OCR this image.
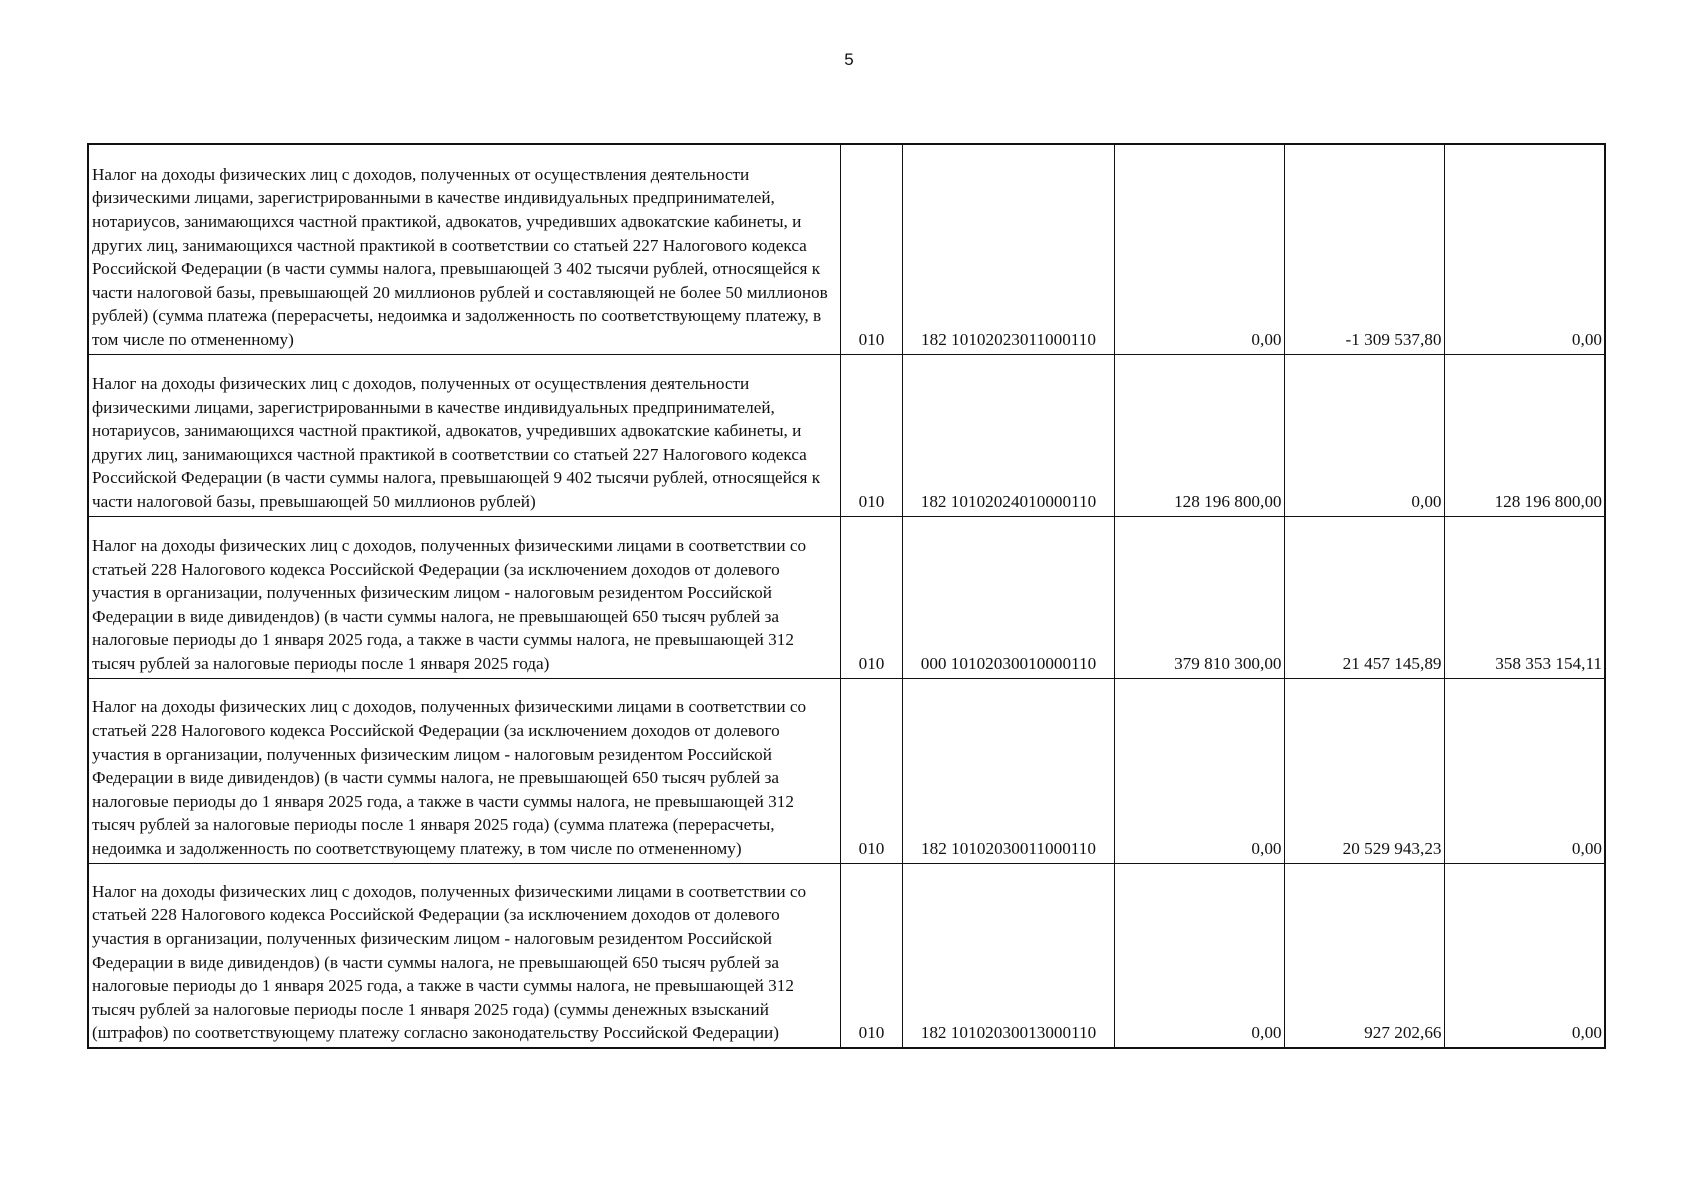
5
Налог на доходы физических лиц с доходов, полученных от осуществления деятельности физическими лицами, зарегистрированными в качестве индивидуальных предпринимателей, нотариусов, занимающихся частной практикой, адвокатов, учредивших адвокатские кабинеты, и других лиц, занимающихся частной практикой в соответствии со статьей 227 Налогового кодекса Российской Федерации (в части суммы налога, превышающей 3 402 тысячи рублей, относящейся к части налоговой базы, превышающей 20 миллионов рублей и составляющей не более 50 миллионов рублей) (сумма платежа (перерасчеты, недоимка и задолженность по соответствующему платежу, в том числе по отмененному)	010	182 10102023011000110	0,00	-1 309 537,80	0,00

Налог на доходы физических лиц с доходов, полученных от осуществления деятельности физическими лицами, зарегистрированными в качестве индивидуальных предпринимателей, нотариусов, занимающихся частной практикой, адвокатов, учредивших адвокатские кабинеты, и других лиц, занимающихся частной практикой в соответствии со статьей 227 Налогового кодекса Российской Федерации (в части суммы налога, превышающей 9 402 тысячи рублей, относящейся к части налоговой базы, превышающей 50 миллионов рублей)	010	182 10102024010000110	128 196 800,00	0,00	128 196 800,00

Налог на доходы физических лиц с доходов, полученных физическими лицами в соответствии со статьей 228 Налогового кодекса Российской Федерации (за исключением доходов от долевого участия в организации, полученных физическим лицом - налоговым резидентом Российской Федерации в виде дивидендов) (в части суммы налога, не превышающей 650 тысяч рублей за налоговые периоды до 1 января 2025 года, а также в части суммы налога, не превышающей 312 тысяч рублей за налоговые периоды после 1 января 2025 года)	010	000 10102030010000110	379 810 300,00	21 457 145,89	358 353 154,11

Налог на доходы физических лиц с доходов, полученных физическими лицами в соответствии со статьей 228 Налогового кодекса Российской Федерации (за исключением доходов от долевого участия в организации, полученных физическим лицом - налоговым резидентом Российской Федерации в виде дивидендов) (в части суммы налога, не превышающей 650 тысяч рублей за налоговые периоды до 1 января 2025 года, а также в части суммы налога, не превышающей 312 тысяч рублей за налоговые периоды после 1 января 2025 года) (сумма платежа (перерасчеты, недоимка и задолженность по соответствующему платежу, в том числе по отмененному)	010	182 10102030011000110	0,00	20 529 943,23	0,00

Налог на доходы физических лиц с доходов, полученных физическими лицами в соответствии со статьей 228 Налогового кодекса Российской Федерации (за исключением доходов от долевого участия в организации, полученных физическим лицом - налоговым резидентом Российской Федерации в виде дивидендов) (в части суммы налога, не превышающей 650 тысяч рублей за налоговые периоды до 1 января 2025 года, а также в части суммы налога, не превышающей 312 тысяч рублей за налоговые периоды после 1 января 2025 года) (суммы денежных взысканий (штрафов) по соответствующему платежу согласно законодательству Российской Федерации)	010	182 10102030013000110	0,00	927 202,66	0,00
